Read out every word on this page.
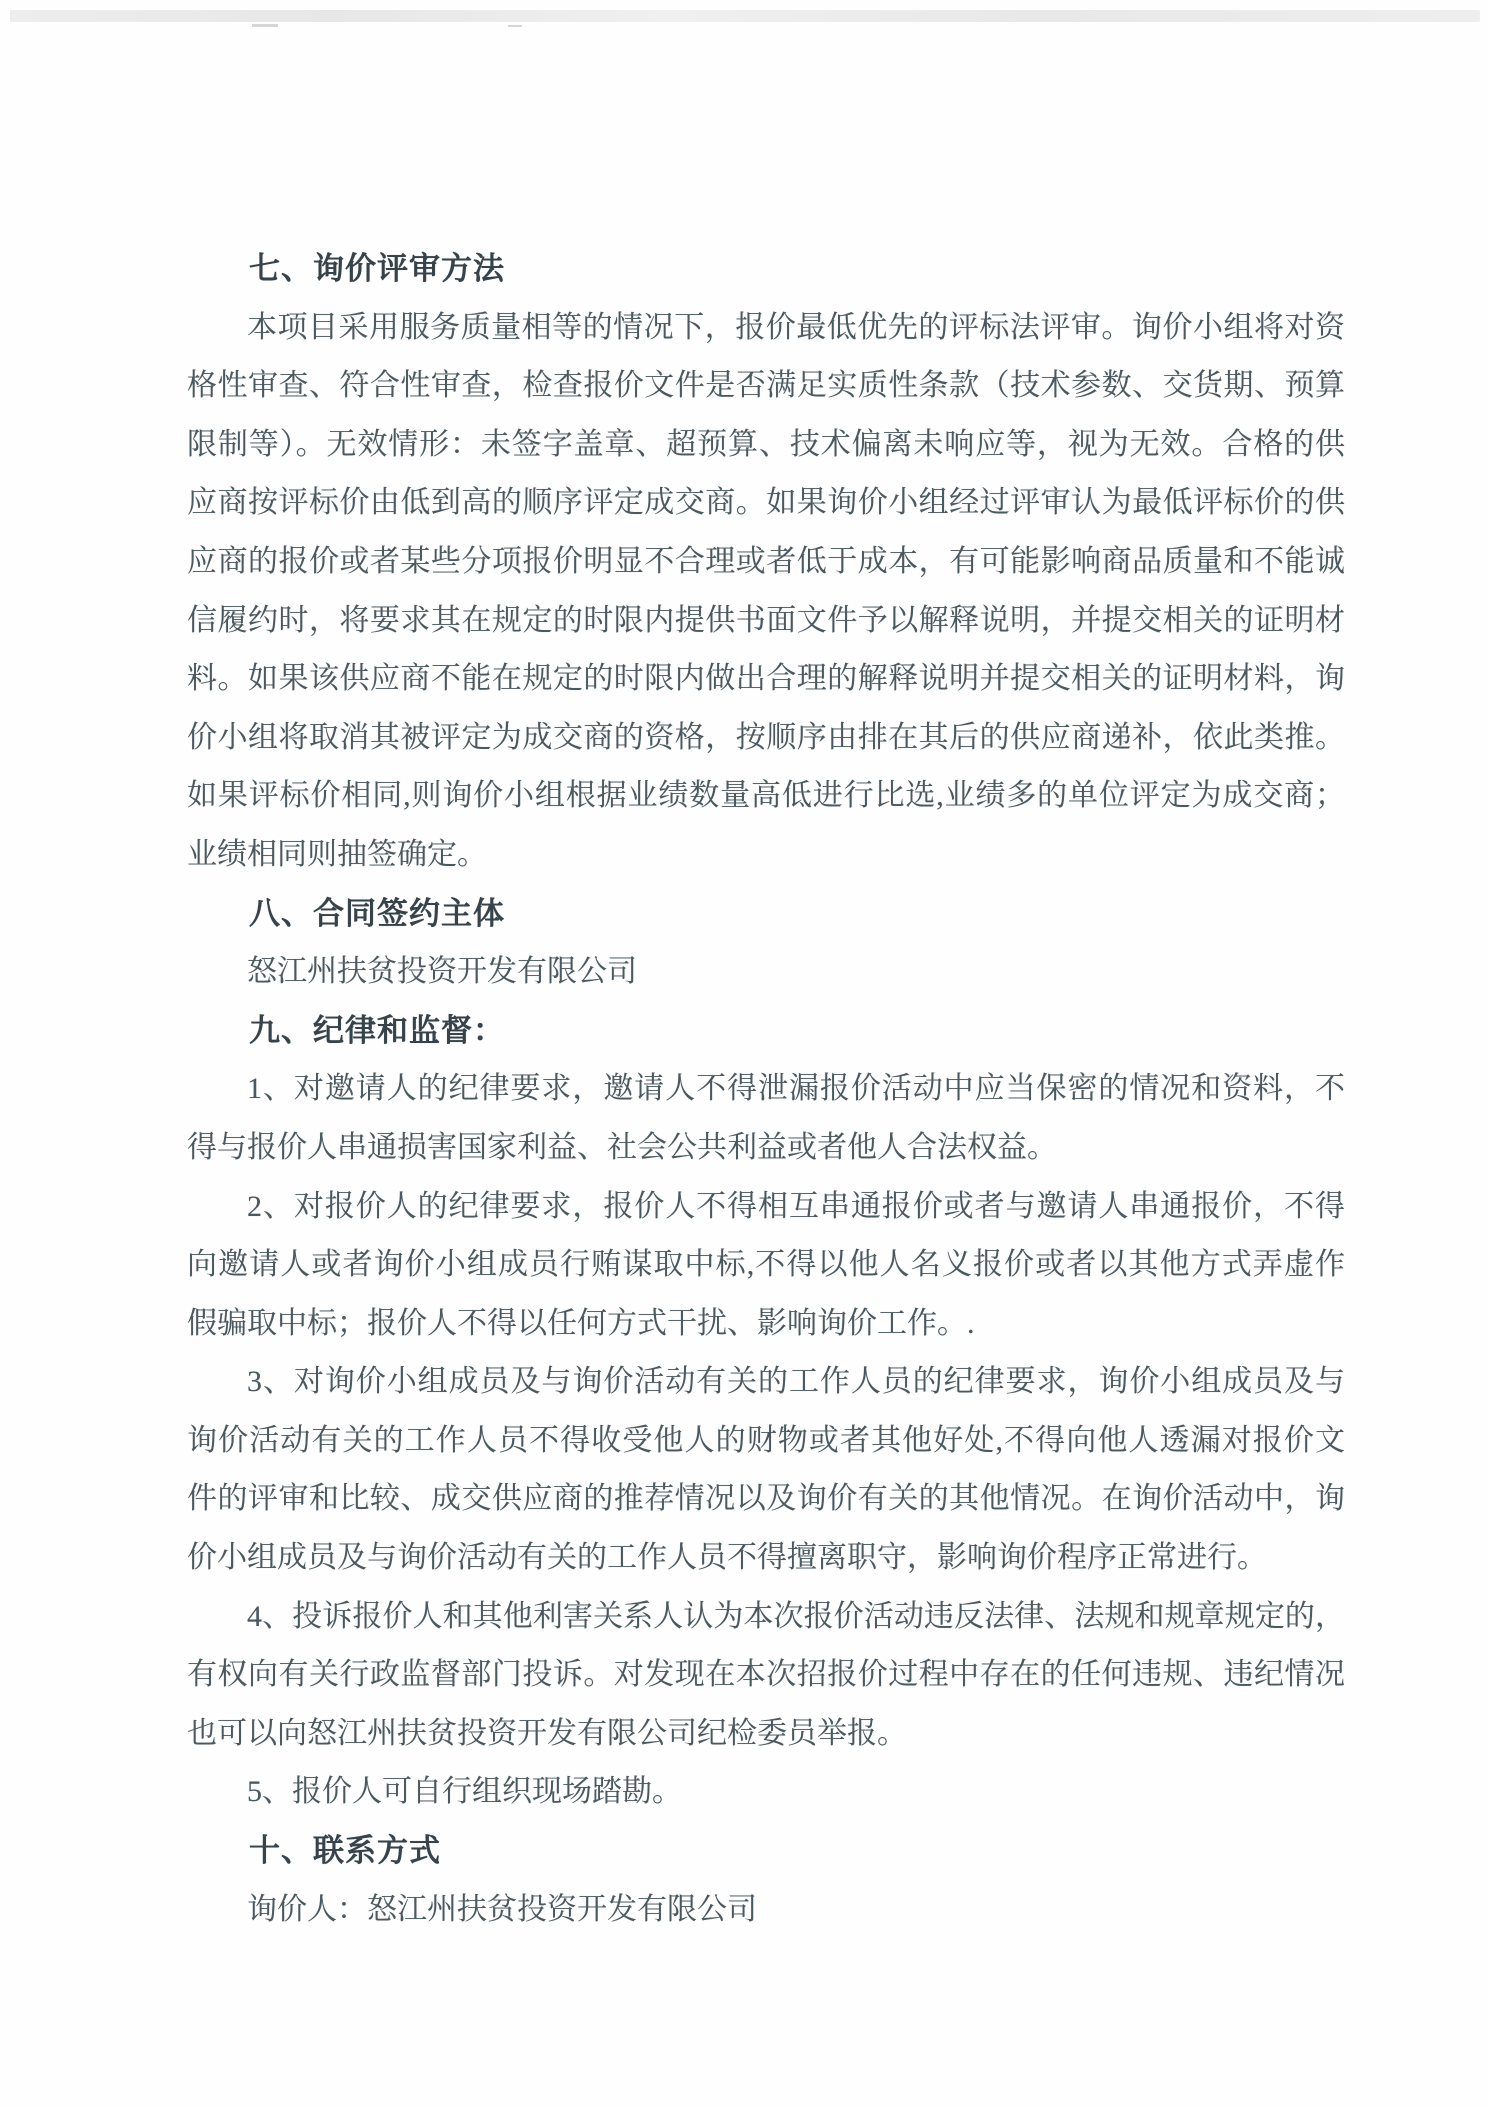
七、询价评审方法
本项目采用服务质量相等的情况下，报价最低优先的评标法评审。询价小组将对资
格性审查、符合性审查，检查报价文件是否满足实质性条款（技术参数、交货期、预算
限制等）。无效情形：未签字盖章、超预算、技术偏离未响应等，视为无效。合格的供
应商按评标价由低到高的顺序评定成交商。如果询价小组经过评审认为最低评标价的供
应商的报价或者某些分项报价明显不合理或者低于成本，有可能影响商品质量和不能诚
信履约时，将要求其在规定的时限内提供书面文件予以解释说明，并提交相关的证明材
料。如果该供应商不能在规定的时限内做出合理的解释说明并提交相关的证明材料，询
价小组将取消其被评定为成交商的资格，按顺序由排在其后的供应商递补，依此类推。
如果评标价相同,则询价小组根据业绩数量高低进行比选,业绩多的单位评定为成交商；
业绩相同则抽签确定。
八、合同签约主体
怒江州扶贫投资开发有限公司
九、纪律和监督：
1、对邀请人的纪律要求，邀请人不得泄漏报价活动中应当保密的情况和资料，不
得与报价人串通损害国家利益、社会公共利益或者他人合法权益。
2、对报价人的纪律要求，报价人不得相互串通报价或者与邀请人串通报价，不得
向邀请人或者询价小组成员行贿谋取中标,不得以他人名义报价或者以其他方式弄虚作
假骗取中标；报价人不得以任何方式干扰、影响询价工作。.
3、对询价小组成员及与询价活动有关的工作人员的纪律要求，询价小组成员及与
询价活动有关的工作人员不得收受他人的财物或者其他好处,不得向他人透漏对报价文
件的评审和比较、成交供应商的推荐情况以及询价有关的其他情况。在询价活动中，询
价小组成员及与询价活动有关的工作人员不得擅离职守，影响询价程序正常进行。
4、投诉报价人和其他利害关系人认为本次报价活动违反法律、法规和规章规定的，
有权向有关行政监督部门投诉。对发现在本次招报价过程中存在的任何违规、违纪情况
也可以向怒江州扶贫投资开发有限公司纪检委员举报。
5、报价人可自行组织现场踏勘。
十、联系方式
询价人：怒江州扶贫投资开发有限公司
